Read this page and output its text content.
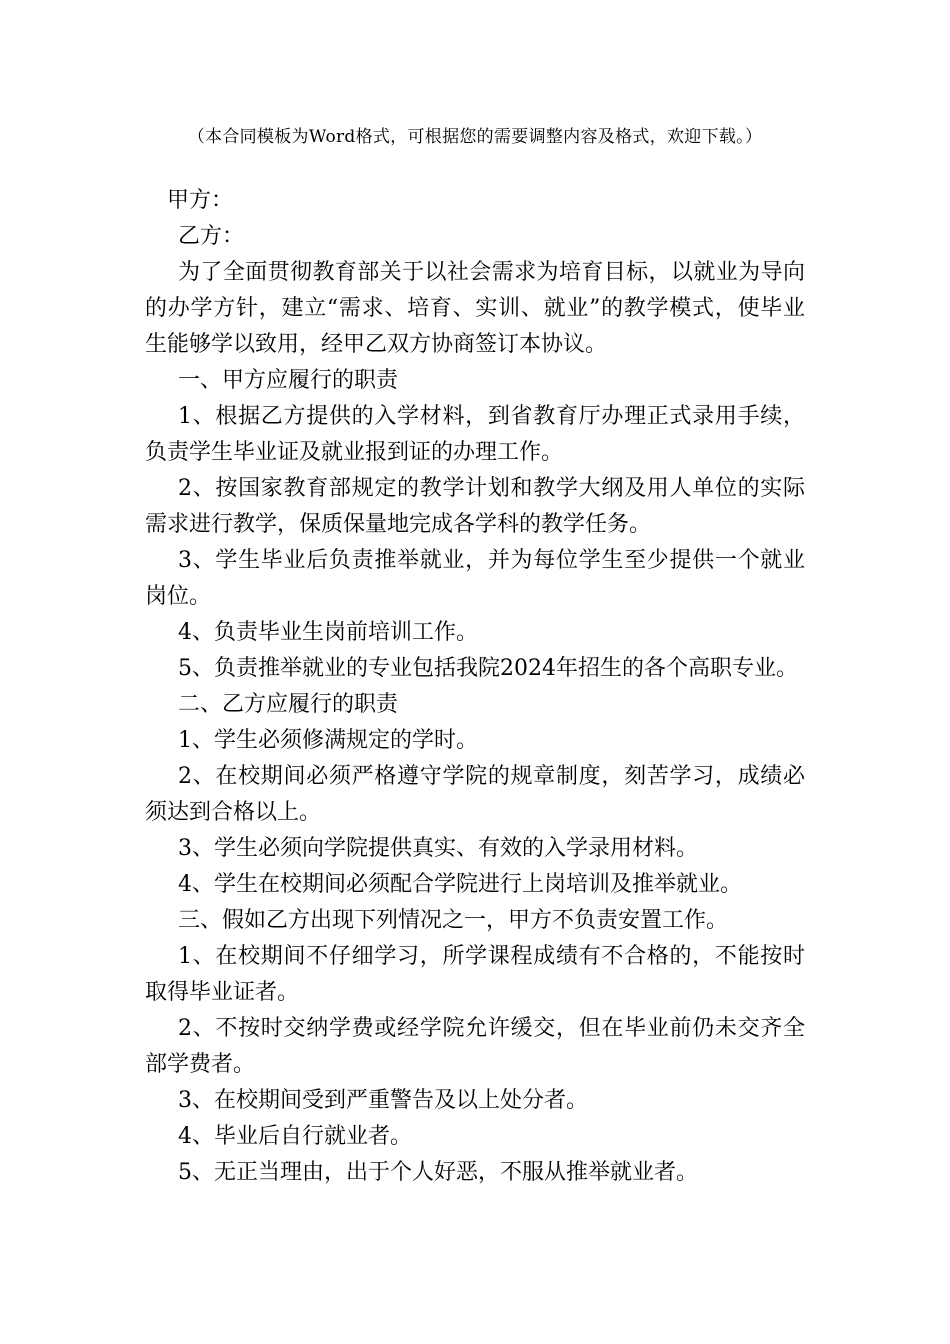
（本合同模板为Word格式，可根据您的需要调整内容及格式，欢迎下载。）

甲方：

乙方：

为了全面贯彻教育部关于以社会需求为培育目标，以就业为导向的办学方针，建立“需求、培育、实训、就业”的教学模式，使毕业生能够学以致用，经甲乙双方协商签订本协议。

一、甲方应履行的职责

1、根据乙方提供的入学材料，到省教育厅办理正式录用手续，负责学生毕业证及就业报到证的办理工作。

2、按国家教育部规定的教学计划和教学大纲及用人单位的实际需求进行教学，保质保量地完成各学科的教学任务。

3、学生毕业后负责推举就业，并为每位学生至少提供一个就业岗位。

4、负责毕业生岗前培训工作。

5、负责推举就业的专业包括我院2024年招生的各个高职专业。

二、乙方应履行的职责

1、学生必须修满规定的学时。

2、在校期间必须严格遵守学院的规章制度，刻苦学习，成绩必须达到合格以上。

3、学生必须向学院提供真实、有效的入学录用材料。

4、学生在校期间必须配合学院进行上岗培训及推举就业。

三、假如乙方出现下列情况之一，甲方不负责安置工作。

1、在校期间不仔细学习，所学课程成绩有不合格的，不能按时取得毕业证者。

2、不按时交纳学费或经学院允许缓交，但在毕业前仍未交齐全部学费者。

3、在校期间受到严重警告及以上处分者。

4、毕业后自行就业者。

5、无正当理由，出于个人好恶，不服从推举就业者。
